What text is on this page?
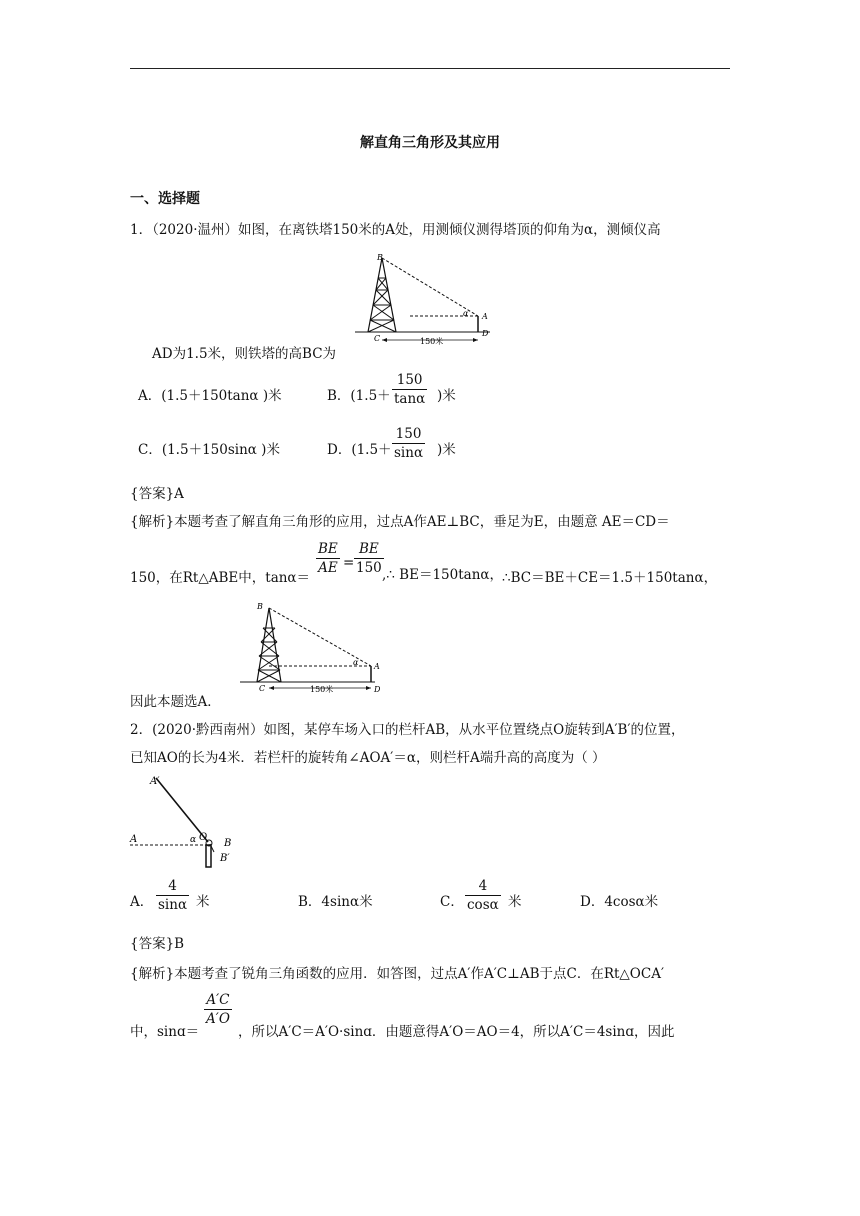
解直角三角形及其应用
一、选择题
1．（2020·温州）如图，在离铁塔150米的A处，用测倾仪测得塔顶的仰角为α，测倾仪高
B
A
D
C
α
150米
AD为1.5米，则铁塔的高BC为
A．(1.5＋150tanα )米	B．(1.5＋
150
tanα )米
C．(1.5＋150sinα )米	D．(1.5＋
150
sinα )米
{答案}A
{解析}本题考查了解直角三角形的应用，过点A作AE⊥BC，垂足为E，由题意 AE＝CD＝
150，在Rt△ABE中，tanα＝
BE
AE =
BE
150 ,∴ BE＝150tanα， ∴BC＝BE＋CE＝1.5＋150tanα，
B
A
D
C
α
150米
因此本题选A．
2．(2020·黔西南州）如图，某停车场入口的栏杆AB，从水平位置绕点O旋转到A′B′的位置，
已知AO的长为4米．若栏杆的旋转角∠AOA′＝α，则栏杆A端升高的高度为（ ）
A′
A	α O
B
B′
A．
4
sinα 米	B．4sinα米	C．
4
cosα 米	D．4cosα米
{答案}B
{解析}本题考查了锐角三角函数的应用．如答图，过点A′作A′C⊥AB于点C．在Rt△OCA′
中，sinɑ＝
A′C
A′O
，所以A′C＝A′O·sinɑ．由题意得A′O＝AO＝4，所以A′C＝4sinɑ，因此
